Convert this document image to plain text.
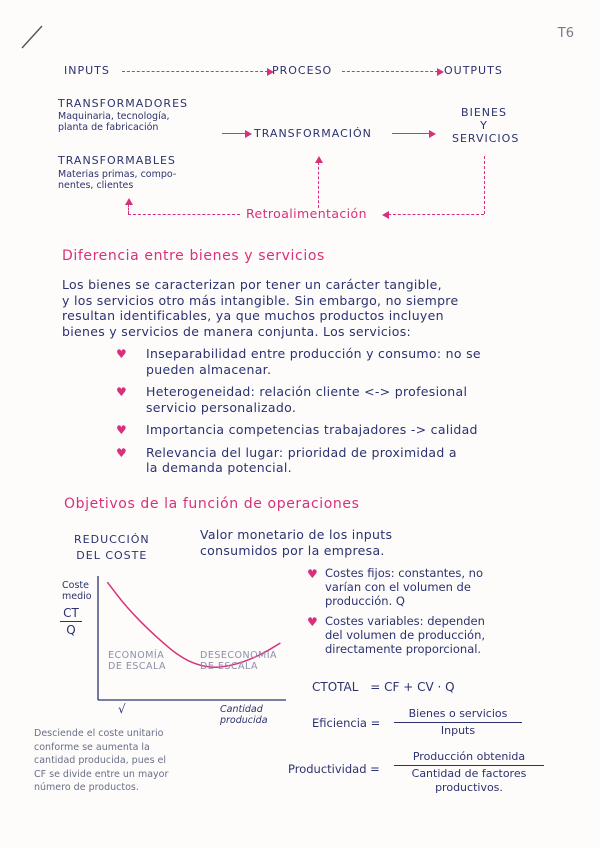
T6
INPUTS	PROCESO	OUTPUTS
TRANSFORMADORES
Maquinaria, tecnología,
planta de fabricación	TRANSFORMACIÓN
BIENES
Y
SERVICIOS
TRANSFORMABLES
Materias primas, compo-
nentes, clientes
Retroalimentación
Diferencia entre bienes y servicios
Los bienes se caracterizan por tener un carácter tangible,
y los servicios otro más intangible. Sin embargo, no siempre
resultan identificables, ya que muchos productos incluyen
bienes y servicios de manera conjunta. Los servicios:
♥ Inseparabilidad entre producción y consumo: no se
pueden almacenar.
♥ Heterogeneidad: relación cliente <-> profesional
servicio personalizado.
♥ Importancia competencias trabajadores -> calidad
♥ Relevancia del lugar: prioridad de proximidad a
la demanda potencial.
Objetivos de la función de operaciones
REDUCCIÓN
DEL COSTE
Valor monetario de los inputs
consumidos por la empresa.
Coste
medio
CT
Q
ECONOMÍA
DE ESCALA
DESECONOMÍA
DE ESCALA
Cantidad
producida
√
Desciende el coste unitario
conforme se aumenta la
cantidad producida, pues el
CF se divide entre un mayor
número de productos.
♥ Costes fijos: constantes, no
varían con el volumen de
producción. Q
♥ Costes variables: dependen
del volumen de producción,
directamente proporcional.
CTOTAL = CF + CV · Q
Eficiencia =
Bienes o servicios
Inputs
Productividad =
Producción obtenida
Cantidad de factores
productivos.
